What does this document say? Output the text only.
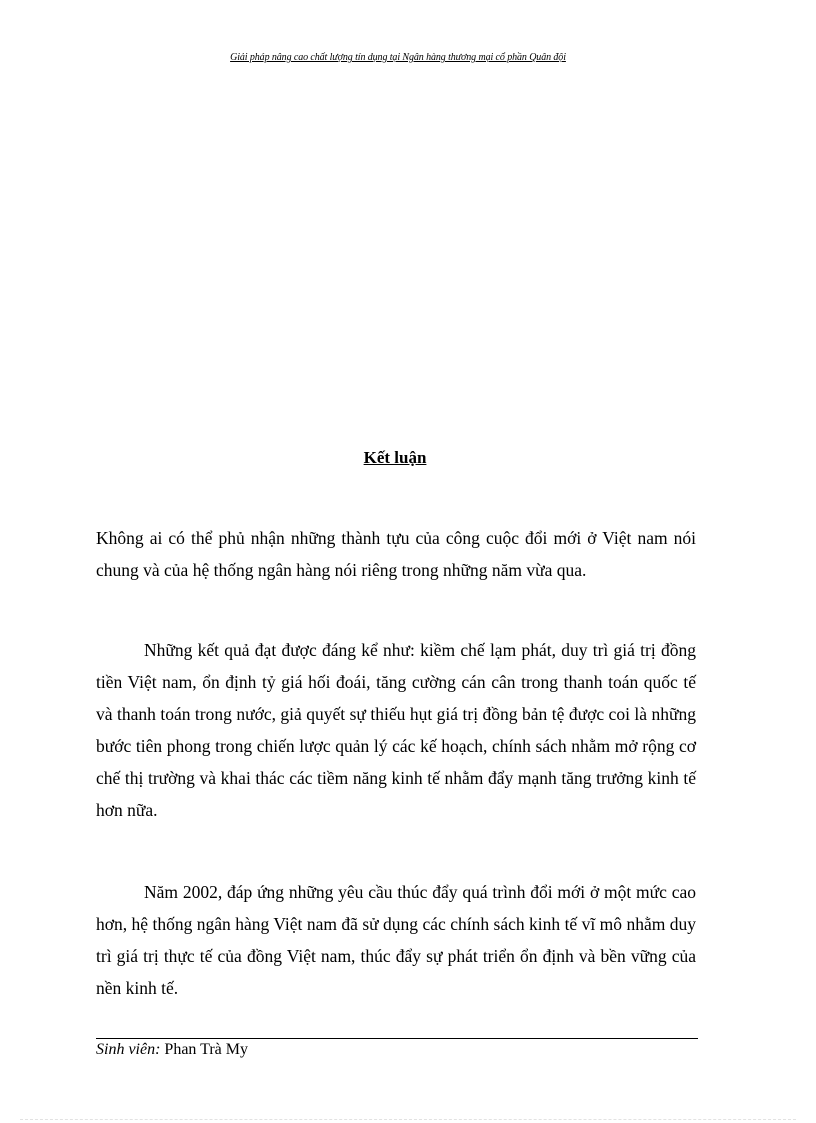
Giải pháp nâng cao chất lượng tín dụng tại Ngân hàng thương mại cổ phần Quân đội
Kết luận

Không ai có thể phủ nhận những thành tựu của công cuộc đổi mới ở Việt nam nói chung và của hệ thống ngân hàng nói riêng trong những năm vừa qua.

Những kết quả đạt được đáng kể như: kiềm chế lạm phát, duy trì giá trị đồng tiền Việt nam, ổn định tỷ giá hối đoái, tăng cường cán cân trong thanh toán quốc tế và thanh toán trong nước, giả quyết sự thiếu hụt giá trị đồng bản tệ được coi là những bước tiên phong trong chiến lược quản lý các kế hoạch, chính sách nhằm mở rộng cơ chế thị trường và khai thác các tiềm năng kinh tế nhằm đẩy mạnh tăng trưởng kinh tế hơn nữa.

Năm 2002, đáp ứng những yêu cầu thúc đẩy quá trình đổi mới ở một mức cao hơn, hệ thống ngân hàng Việt nam đã sử dụng các chính sách kinh tế vĩ mô nhằm duy trì giá trị thực tế của đồng Việt nam, thúc đẩy sự phát triển ổn định và bền vững của nền kinh tế.

Sinh viên: Phan Trà My
